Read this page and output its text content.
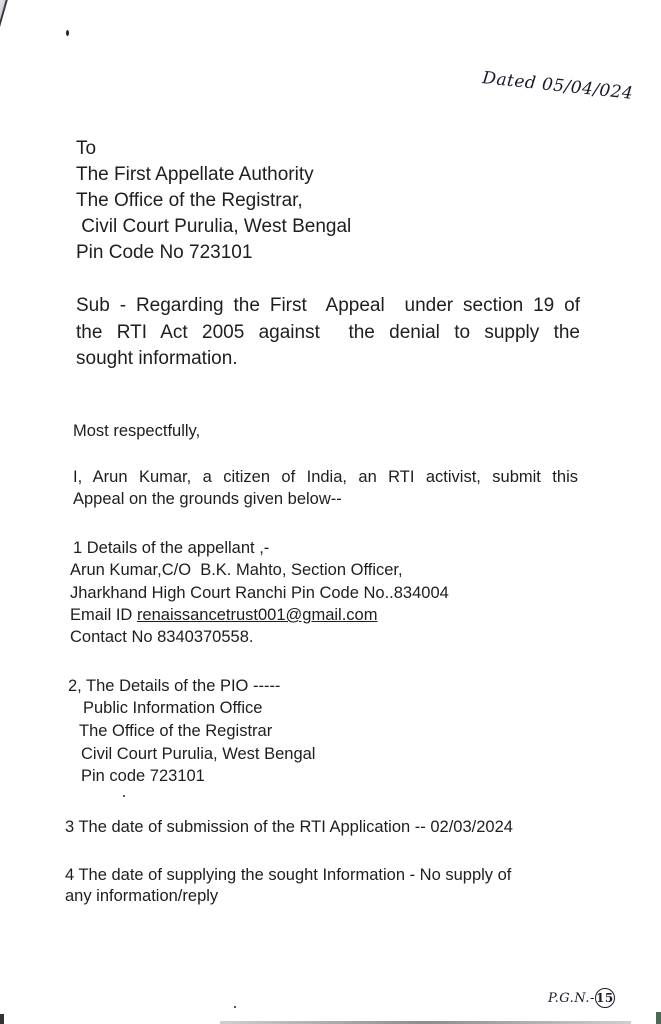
Dated 05/04/024
To
The First Appellate Authority
The Office of the Registrar,
Civil Court Purulia, West Bengal
Pin Code No 723101
Sub - Regarding the First  Appeal  under section 19 of
the RTI Act 2005 against  the denial to supply the
sought information.
Most respectfully,
I, Arun Kumar, a citizen of India, an RTI activist, submit this
Appeal on the grounds given below--
1 Details of the appellant ,-
Arun Kumar,C/O  B.K. Mahto, Section Officer,
Jharkhand High Court Ranchi Pin Code No..834004
Email ID renaissancetrust001@gmail.com
Contact No 8340370558.
2, The Details of the PIO -----
Public Information Office
The Office of the Registrar
Civil Court Purulia, West Bengal
Pin code 723101
3 The date of submission of the RTI Application -- 02/03/2024
4 The date of supplying the sought Information - No supply of
any information/reply
P.G.N.-15
